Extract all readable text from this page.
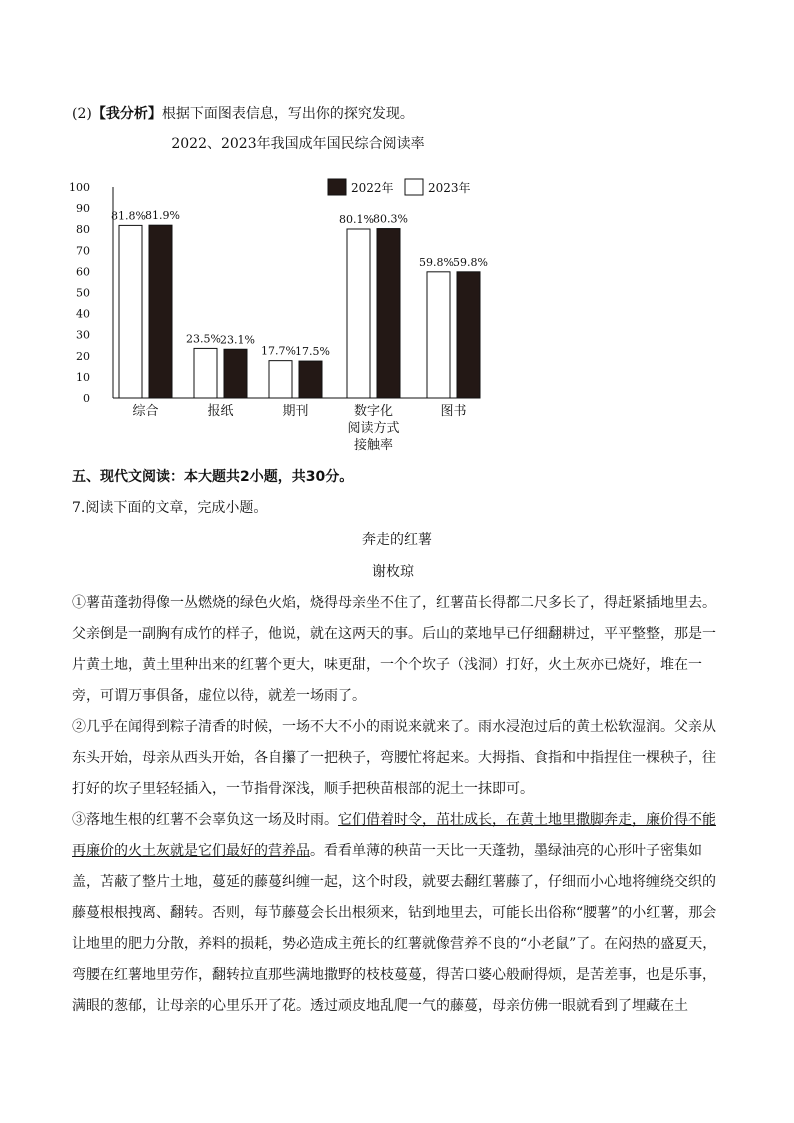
(2)【我分析】根据下面图表信息，写出你的探究发现。
2022、2023年我国成年国民综合阅读率
0
10
20
30
40
50
60
70
80
90
100
81.8% 81.9%
综合
23.5% 23.1%
报纸
17.7% 17.5%
期刊
80.1% 80.3%
数字化
阅读方式
接触率
59.8% 59.8%
图书
2022年	2023年
五、现代文阅读：本大题共2小题，共30分。
7.阅读下面的文章，完成小题。
奔走的红薯
谢枚琼
①薯苗蓬勃得像一丛燃烧的绿色火焰，烧得母亲坐不住了，红薯苗长得都二尺多长了，得赶紧插地里去。父亲倒是一副胸有成竹的样子，他说，就在这两天的事。后山的菜地早已仔细翻耕过，平平整整，那是一片黄土地，黄土里种出来的红薯个更大，味更甜，一个个坎子（浅洞）打好，火土灰亦已烧好，堆在一旁，可谓万事俱备，虚位以待，就差一场雨了。
②几乎在闻得到粽子清香的时候，一场不大不小的雨说来就来了。雨水浸泡过后的黄土松软湿润。父亲从东头开始，母亲从西头开始，各自攥了一把秧子，弯腰忙将起来。大拇指、食指和中指捏住一棵秧子，往打好的坎子里轻轻插入，一节指骨深浅，顺手把秧苗根部的泥土一抹即可。
③落地生根的红薯不会辜负这一场及时雨。它们借着时令，茁壮成长，在黄土地里撒脚奔走，廉价得不能再廉价的火土灰就是它们最好的营养品。看看单薄的秧苗一天比一天蓬勃，墨绿油亮的心形叶子密集如盖，苫蔽了整片土地，蔓延的藤蔓纠缠一起，这个时段，就要去翻红薯藤了，仔细而小心地将缠绕交织的藤蔓根根拽离、翻转。否则，每节藤蔓会长出根须来，钻到地里去，可能长出俗称“腰薯”的小红薯，那会让地里的肥力分散，养料的损耗，势必造成主蔸长的红薯就像营养不良的“小老鼠”了。在闷热的盛夏天，弯腰在红薯地里劳作，翻转拉直那些满地撒野的枝枝蔓蔓，得苦口婆心般耐得烦，是苦差事，也是乐事，满眼的葱郁，让母亲的心里乐开了花。透过顽皮地乱爬一气的藤蔓，母亲仿佛一眼就看到了埋藏在土
